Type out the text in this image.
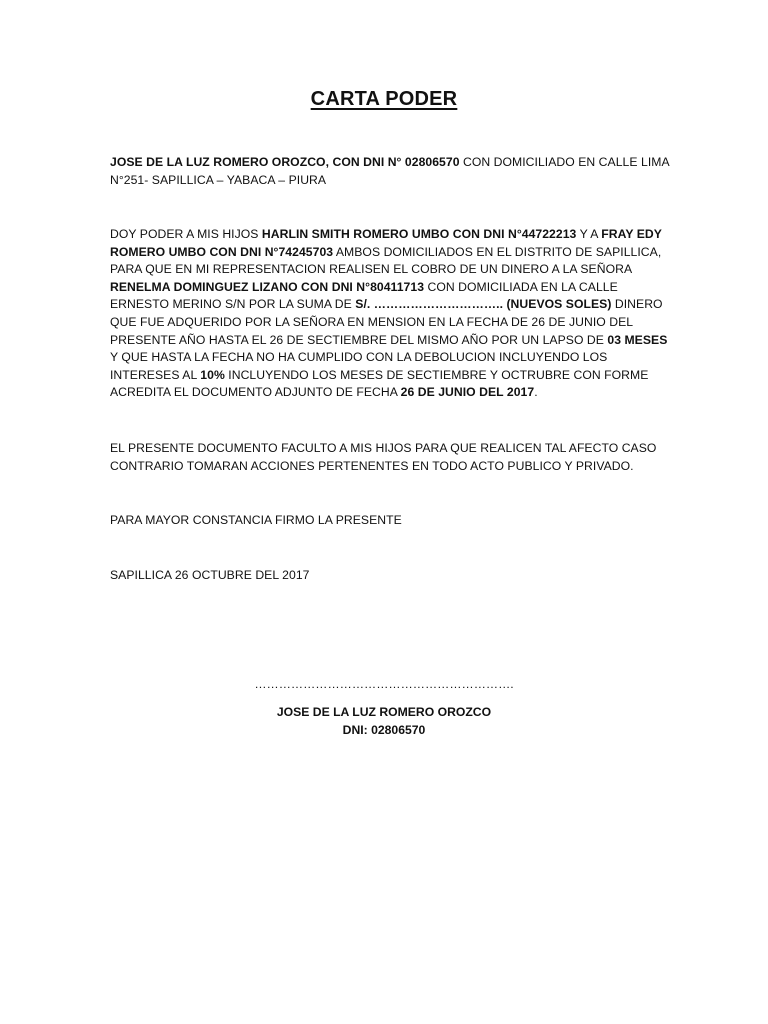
CARTA PODER
JOSE DE LA LUZ ROMERO OROZCO, CON DNI N° 02806570 CON DOMICILIADO EN CALLE LIMA N°251- SAPILLICA – YABACA – PIURA
DOY PODER A MIS HIJOS HARLIN SMITH ROMERO UMBO CON DNI N°44722213 Y A FRAY EDY ROMERO UMBO CON DNI N°74245703 AMBOS DOMICILIADOS EN EL DISTRITO DE SAPILLICA, PARA QUE EN MI REPRESENTACION REALISEN EL COBRO DE UN DINERO A LA SEÑORA RENELMA DOMINGUEZ LIZANO CON DNI N°80411713 CON DOMICILIADA EN LA CALLE ERNESTO MERINO S/N POR LA SUMA DE S/. ………………………….. (NUEVOS SOLES) DINERO QUE FUE ADQUERIDO POR LA SEÑORA EN MENSION EN LA FECHA DE 26 DE JUNIO DEL PRESENTE AÑO HASTA EL 26 DE SECTIEMBRE DEL MISMO AÑO POR UN LAPSO DE 03 MESES Y QUE HASTA LA FECHA NO HA CUMPLIDO CON LA DEBOLUCION INCLUYENDO LOS INTERESES AL 10% INCLUYENDO LOS MESES DE SECTIEMBRE Y OCTRUBRE CON FORME ACREDITA EL DOCUMENTO ADJUNTO DE FECHA 26 DE JUNIO DEL 2017.
EL PRESENTE DOCUMENTO FACULTO A MIS HIJOS PARA QUE REALICEN TAL AFECTO CASO CONTRARIO TOMARAN ACCIONES PERTENENTES EN TODO ACTO PUBLICO Y PRIVADO.
PARA MAYOR CONSTANCIA FIRMO LA PRESENTE
SAPILLICA 26 OCTUBRE DEL 2017
……………………………………………………….
JOSE DE LA LUZ ROMERO OROZCO
DNI: 02806570
